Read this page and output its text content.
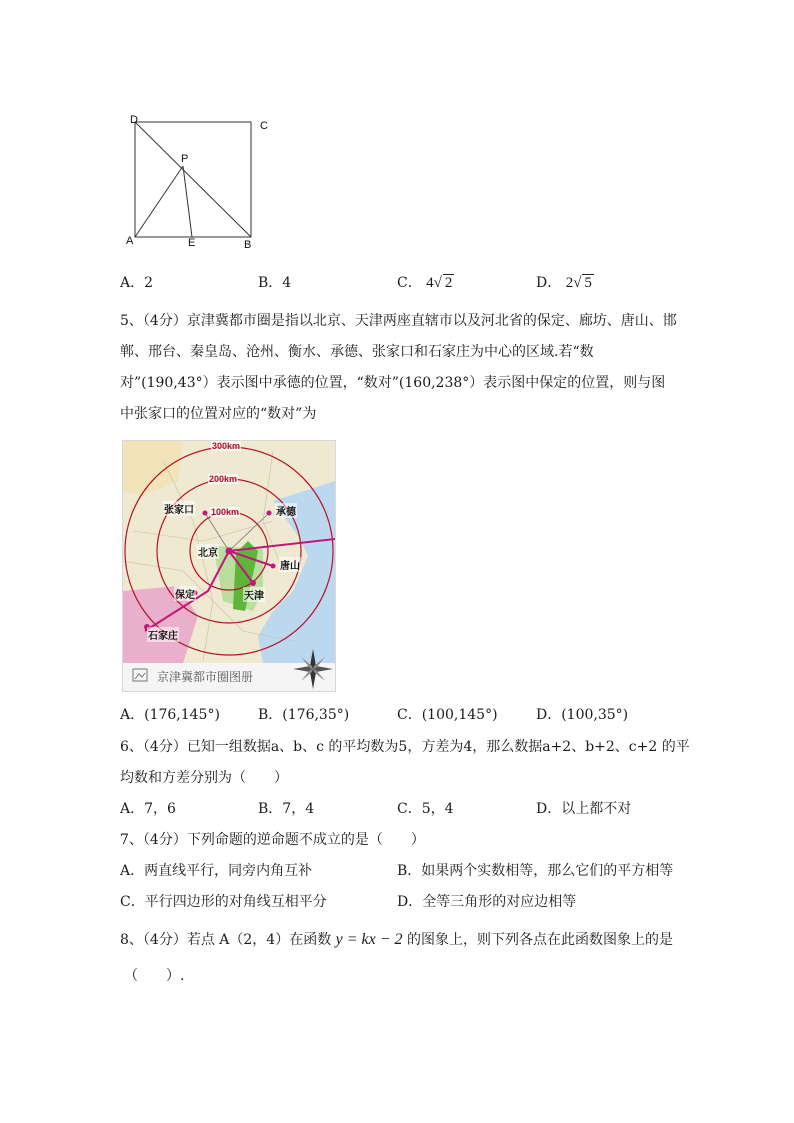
D	C
P
A	E	B
A．2	B．4	C． 4√ 2	D． 2√ 5
5、（4分）京津冀都市圈是指以北京、天津两座直辖市以及河北省的保定、廊坊、唐山、邯
郸、邢台、秦皇岛、沧州、衡水、承德、张家口和石家庄为中心的区域.若“数
对”(190,43°）表示图中承德的位置，“数对”(160,238°）表示图中保定的位置，则与图
中张家口的位置对应的“数对”为
300km
200km
100km
张家口	承德
北京
唐山
保定	天津
石家庄
京津冀都市圈图册
A．(176,145°)	B．(176,35°)	C．(100,145°)	D．(100,35°)
6、（4分）已知一组数据a、b、c 的平均数为5，方差为4，那么数据a+2、b+2、c+2 的平
均数和方差分别为（　　）
A．7，6	B．7，4	C．5，4	D．以上都不对
7、（4分）下列命题的逆命题不成立的是（　　）
A．两直线平行，同旁内角互补	B．如果两个实数相等，那么它们的平方相等
C．平行四边形的对角线互相平分	D．全等三角形的对应边相等
8、（4分）若点 A（2，4）在函数 y = kx − 2 的图象上，则下列各点在此函数图象上的是
（　　）.
